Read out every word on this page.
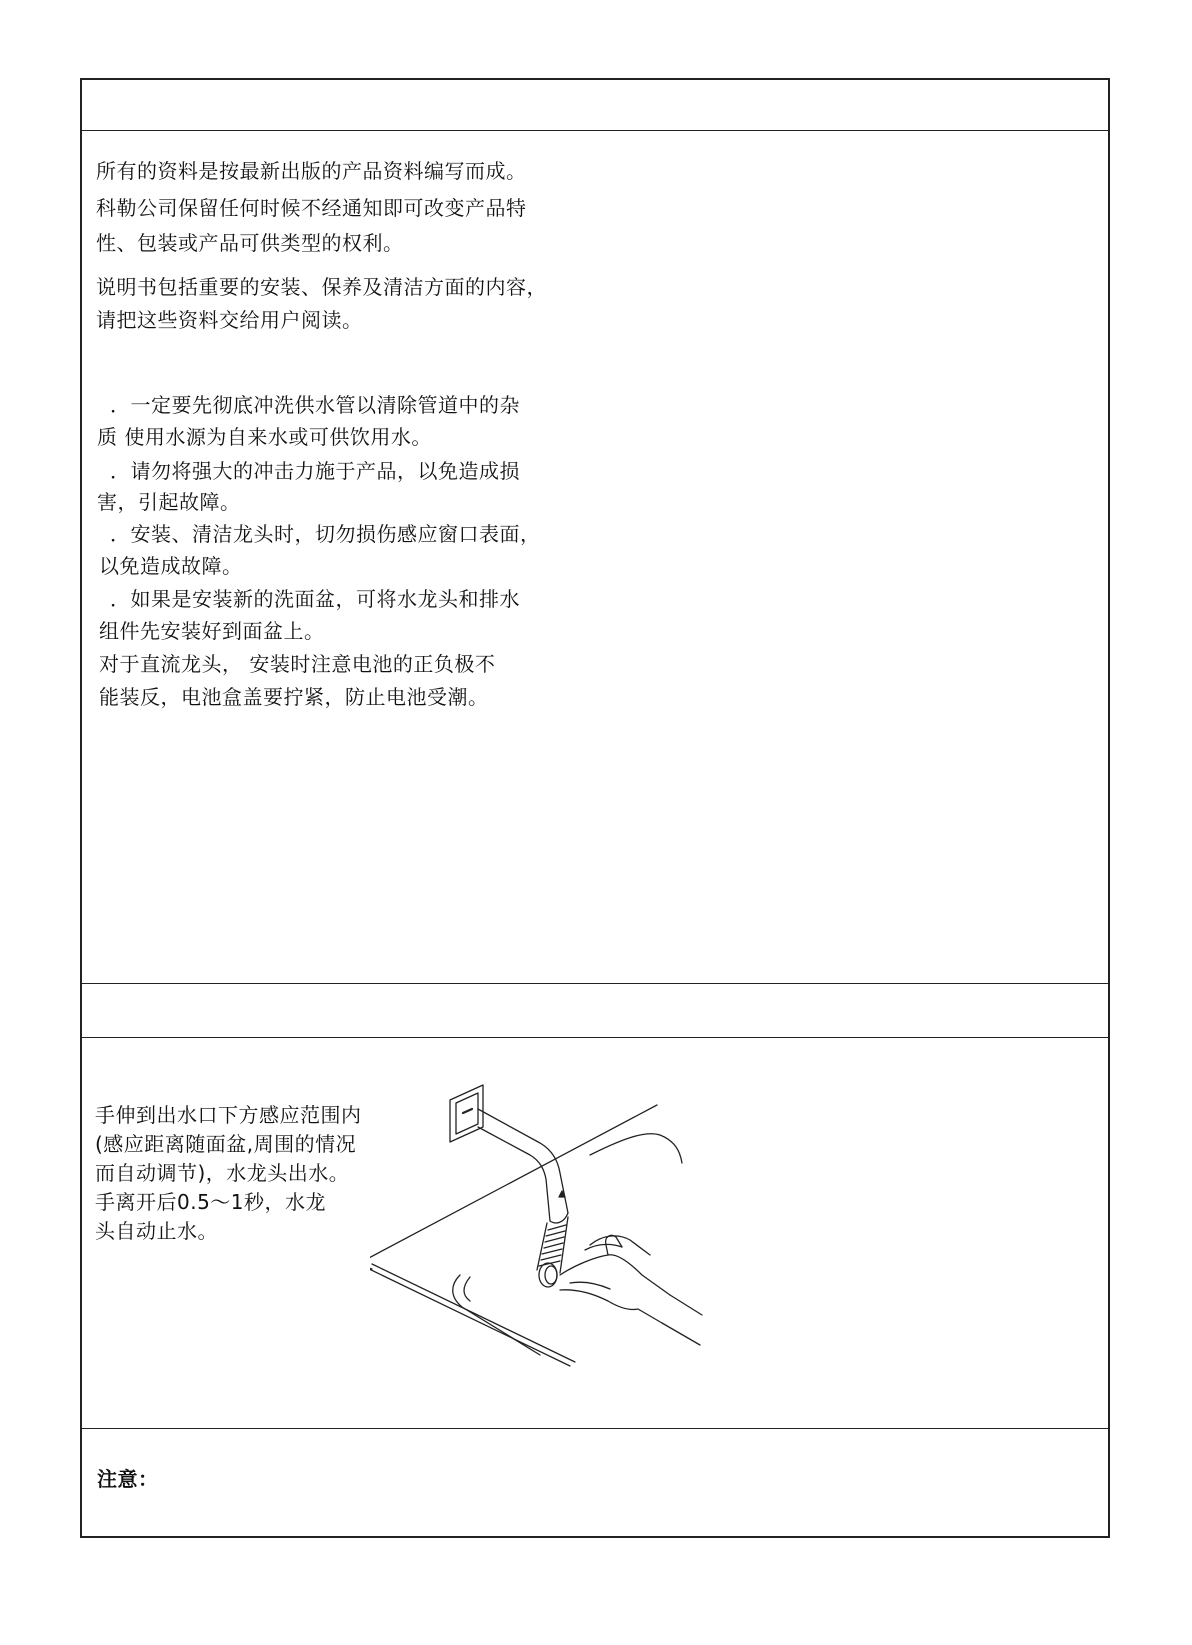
所有的资料是按最新出版的产品资料编写而成。
科勒公司保留任何时候不经通知即可改变产品特
性、包装或产品可供类型的权利。
说明书包括重要的安装、保养及清洁方面的内容，
请把这些资料交给用户阅读。
．一定要先彻底冲洗供水管以清除管道中的杂
质 使用水源为自来水或可供饮用水。
．请勿将强大的冲击力施于产品，以免造成损
害，引起故障。
．安装、清洁龙头时，切勿损伤感应窗口表面，
以免造成故障。
．如果是安装新的洗面盆，可将水龙头和排水
组件先安装好到面盆上。
对于直流龙头， 安装时注意电池的正负极不
能装反，电池盒盖要拧紧，防止电池受潮。
手伸到出水口下方感应范围内
(感应距离随面盆,周围的情况
而自动调节)，水龙头出水。
手离开后0.5～1秒，水龙
头自动止水。
注意：
